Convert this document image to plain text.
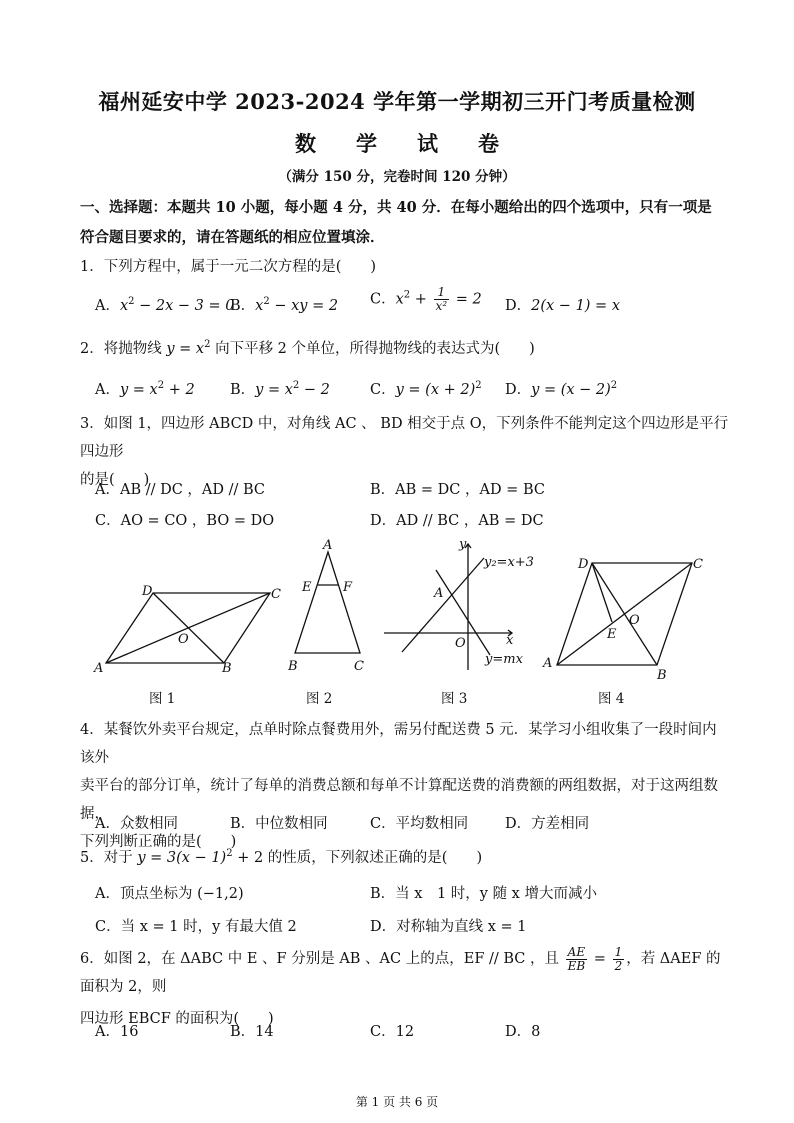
福州延安中学 2023-2024 学年第一学期初三开门考质量检测
数 学 试 卷
（满分 150 分，完卷时间 120 分钟）
一、选择题：本题共 10 小题，每小题 4 分，共 40 分．在每小题给出的四个选项中，只有一项是
符合题目要求的，请在答题纸的相应位置填涂．
1．下列方程中，属于一元二次方程的是(　　)
A．$x^2 - 2x - 3 = 0$
B．$x^2$ − xy = 2 C．$x^2 + \frac{1}{\text{x²}} = 2$ D．2(x − 1) = x
2．将抛物线 $y = x^2$ 向下平移 2 个单位，所得抛物线的表达式为(　　)
A．$y = x^2 + 2$ B．$y = x^2 - 2$	C．$y = (x + 2)^2$ D．$y = (x - 2)^2$
3．如图 1，四边形 ABCD 中，对角线 AC 、 BD 相交于点 O，下列条件不能判定这个四边形是平行四边形
的是(　　)
A．AB // DC ，AD // BC	B．AB = DC ，AD = BC
C．AO = CO ，BO = DO	D．AD // BC ，AB = DC
A	B
C
D
O
A
B	C
E F
y
x
O
A
y₂=x+3
y=mx A
B
C
D
O
E
图 1	图 2	图 3	图 4
4．某餐饮外卖平台规定，点单时除点餐费用外，需另付配送费 5 元．某学习小组收集了一段时间内该外
卖平台的部分订单，统计了每单的消费总额和每单不计算配送费的消费额的两组数据，对于这两组数据，
下列判断正确的是(　　)
A．众数相同	B．中位数相同	C．平均数相同	D．方差相同
5．对于 $y = 3(x - 1)^2 + 2$ 的性质，下列叙述正确的是(　　)
A．顶点坐标为 (−1,2)	B．当 x　1 时，y 随 x 增大而减小
C．当 x = 1 时，y 有最大值 2	D．对称轴为直线 x = 1
6．如图 2，在 ΔABC 中 E 、F 分别是 AB 、AC 上的点，EF // BC ，且 $\frac{AE}{EB} = \frac{1}{2}$ ，若 ΔAEF 的面积为 2，则
四边形 EBCF 的面积为(　　)
A．16	B．14	C．12	D．8
第 1 页 共 6 页
